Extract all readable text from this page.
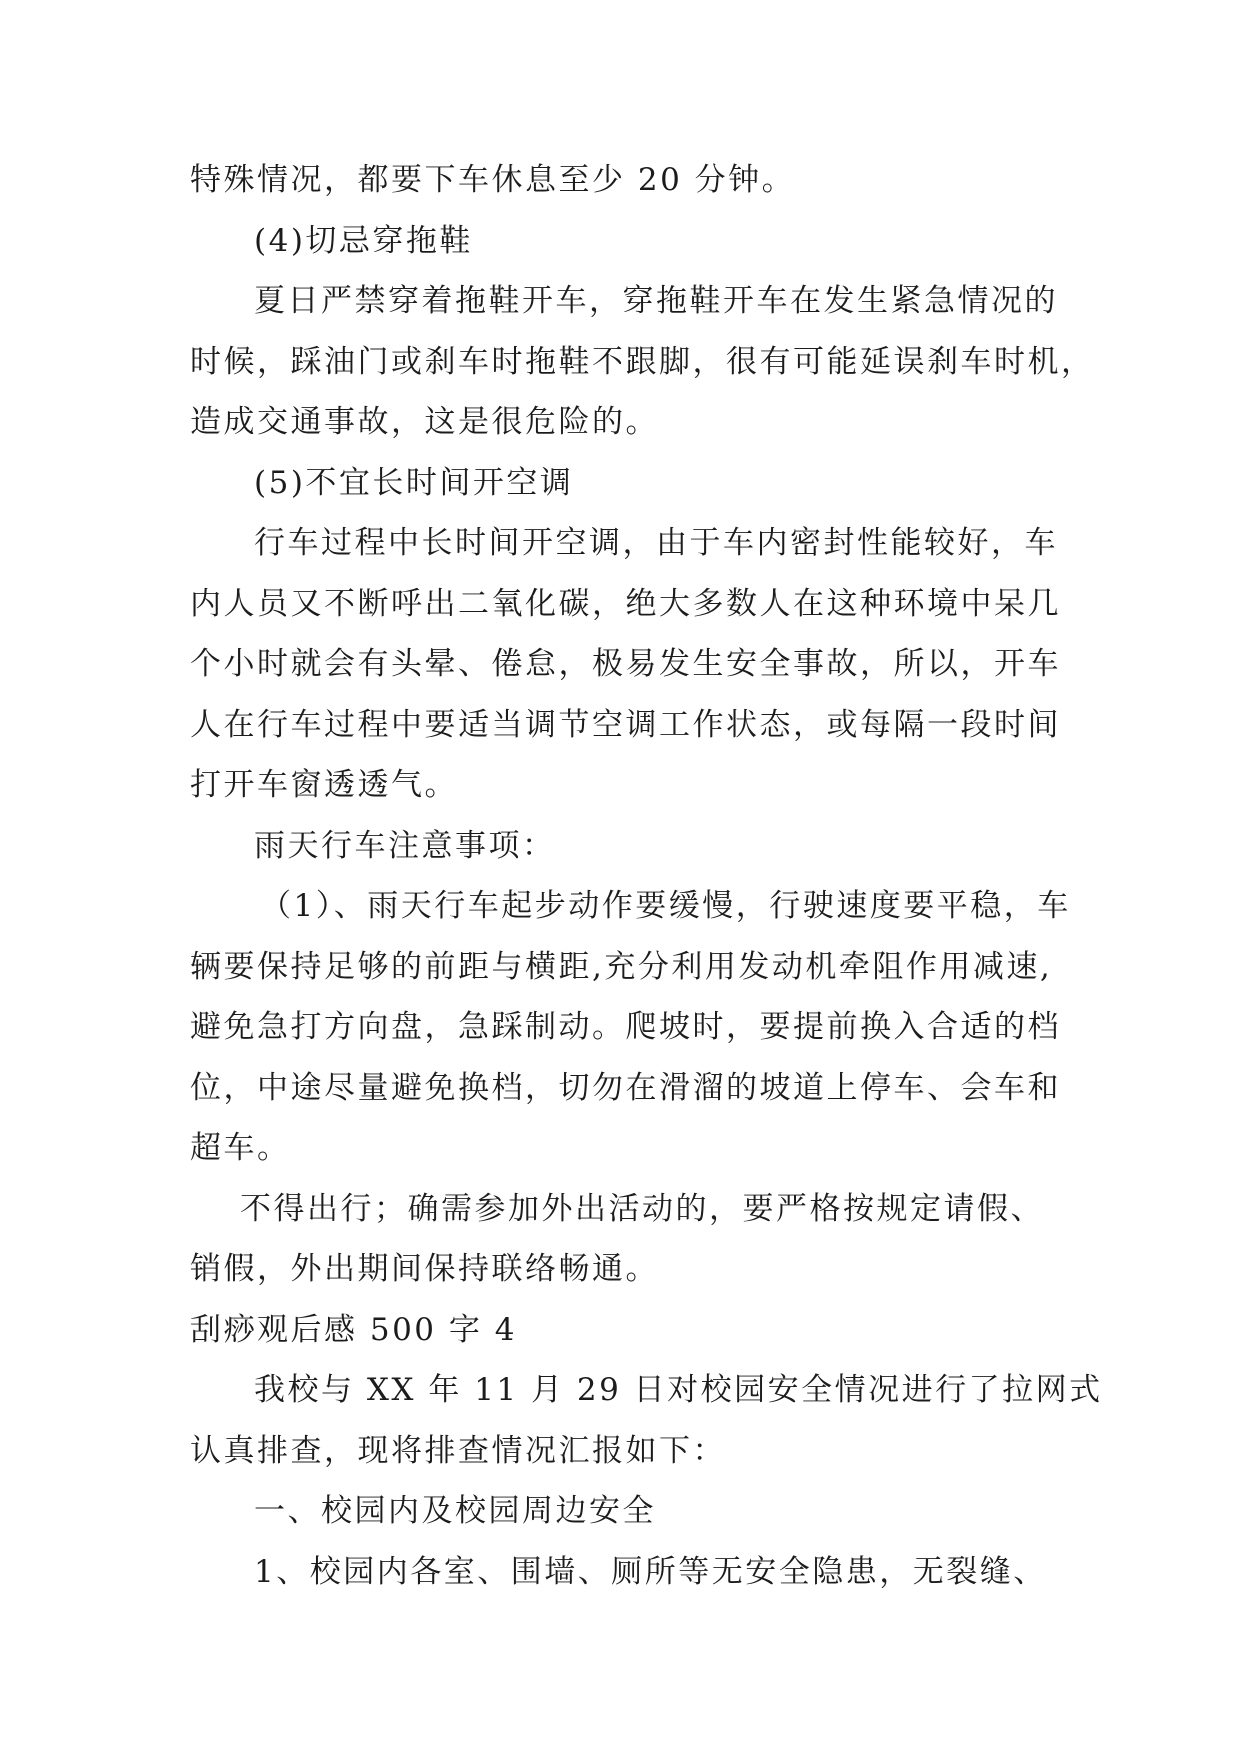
特殊情况，都要下车休息至少 20 分钟。

(4)切忌穿拖鞋

夏日严禁穿着拖鞋开车，穿拖鞋开车在发生紧急情况的

时候，踩油门或刹车时拖鞋不跟脚，很有可能延误刹车时机，
造成交通事故，这是很危险的。

(5)不宜长时间开空调

行车过程中长时间开空调，由于车内密封性能较好，车

内人员又不断呼出二氧化碳，绝大多数人在这种环境中呆几
个小时就会有头晕、倦怠，极易发生安全事故，所以，开车
人在行车过程中要适当调节空调工作状态，或每隔一段时间
打开车窗透透气。

雨天行车注意事项：

（1）、雨天行车起步动作要缓慢，行驶速度要平稳，车

辆要保持足够的前距与横距,充分利用发动机牵阻作用减速,
避免急打方向盘，急踩制动。爬坡时，要提前换入合适的档
位，中途尽量避免换档，切勿在滑溜的坡道上停车、会车和
超车。

不得出行；确需参加外出活动的，要严格按规定请假、

销假，外出期间保持联络畅通。

刮痧观后感 500 字 4

我校与 XX 年 11 月 29 日对校园安全情况进行了拉网式

认真排查，现将排查情况汇报如下：

一、校园内及校园周边安全

1、校园内各室、围墙、厕所等无安全隐患，无裂缝、
